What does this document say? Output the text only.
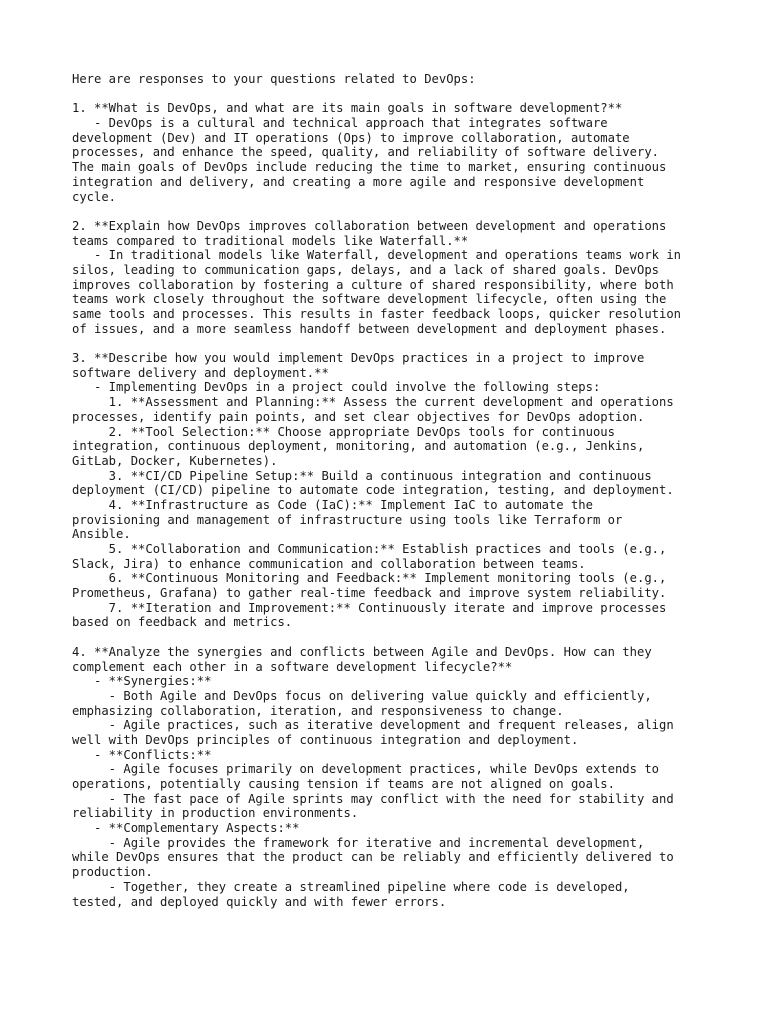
Here are responses to your questions related to DevOps:
1. **What is DevOps, and what are its main goals in software development?**
- DevOps is a cultural and technical approach that integrates software
development (Dev) and IT operations (Ops) to improve collaboration, automate
processes, and enhance the speed, quality, and reliability of software delivery.
The main goals of DevOps include reducing the time to market, ensuring continuous
integration and delivery, and creating a more agile and responsive development
cycle.
2. **Explain how DevOps improves collaboration between development and operations
teams compared to traditional models like Waterfall.**
- In traditional models like Waterfall, development and operations teams work in
silos, leading to communication gaps, delays, and a lack of shared goals. DevOps
improves collaboration by fostering a culture of shared responsibility, where both
teams work closely throughout the software development lifecycle, often using the
same tools and processes. This results in faster feedback loops, quicker resolution
of issues, and a more seamless handoff between development and deployment phases.
3. **Describe how you would implement DevOps practices in a project to improve
software delivery and deployment.**
- Implementing DevOps in a project could involve the following steps:
1. **Assessment and Planning:** Assess the current development and operations
processes, identify pain points, and set clear objectives for DevOps adoption.
2. **Tool Selection:** Choose appropriate DevOps tools for continuous
integration, continuous deployment, monitoring, and automation (e.g., Jenkins,
GitLab, Docker, Kubernetes).
3. **CI/CD Pipeline Setup:** Build a continuous integration and continuous
deployment (CI/CD) pipeline to automate code integration, testing, and deployment.
4. **Infrastructure as Code (IaC):** Implement IaC to automate the
provisioning and management of infrastructure using tools like Terraform or
Ansible.
5. **Collaboration and Communication:** Establish practices and tools (e.g.,
Slack, Jira) to enhance communication and collaboration between teams.
6. **Continuous Monitoring and Feedback:** Implement monitoring tools (e.g.,
Prometheus, Grafana) to gather real-time feedback and improve system reliability.
7. **Iteration and Improvement:** Continuously iterate and improve processes
based on feedback and metrics.
4. **Analyze the synergies and conflicts between Agile and DevOps. How can they
complement each other in a software development lifecycle?**
- **Synergies:**
- Both Agile and DevOps focus on delivering value quickly and efficiently,
emphasizing collaboration, iteration, and responsiveness to change.
- Agile practices, such as iterative development and frequent releases, align
well with DevOps principles of continuous integration and deployment.
- **Conflicts:**
- Agile focuses primarily on development practices, while DevOps extends to
operations, potentially causing tension if teams are not aligned on goals.
- The fast pace of Agile sprints may conflict with the need for stability and
reliability in production environments.
- **Complementary Aspects:**
- Agile provides the framework for iterative and incremental development,
while DevOps ensures that the product can be reliably and efficiently delivered to
production.
- Together, they create a streamlined pipeline where code is developed,
tested, and deployed quickly and with fewer errors.
